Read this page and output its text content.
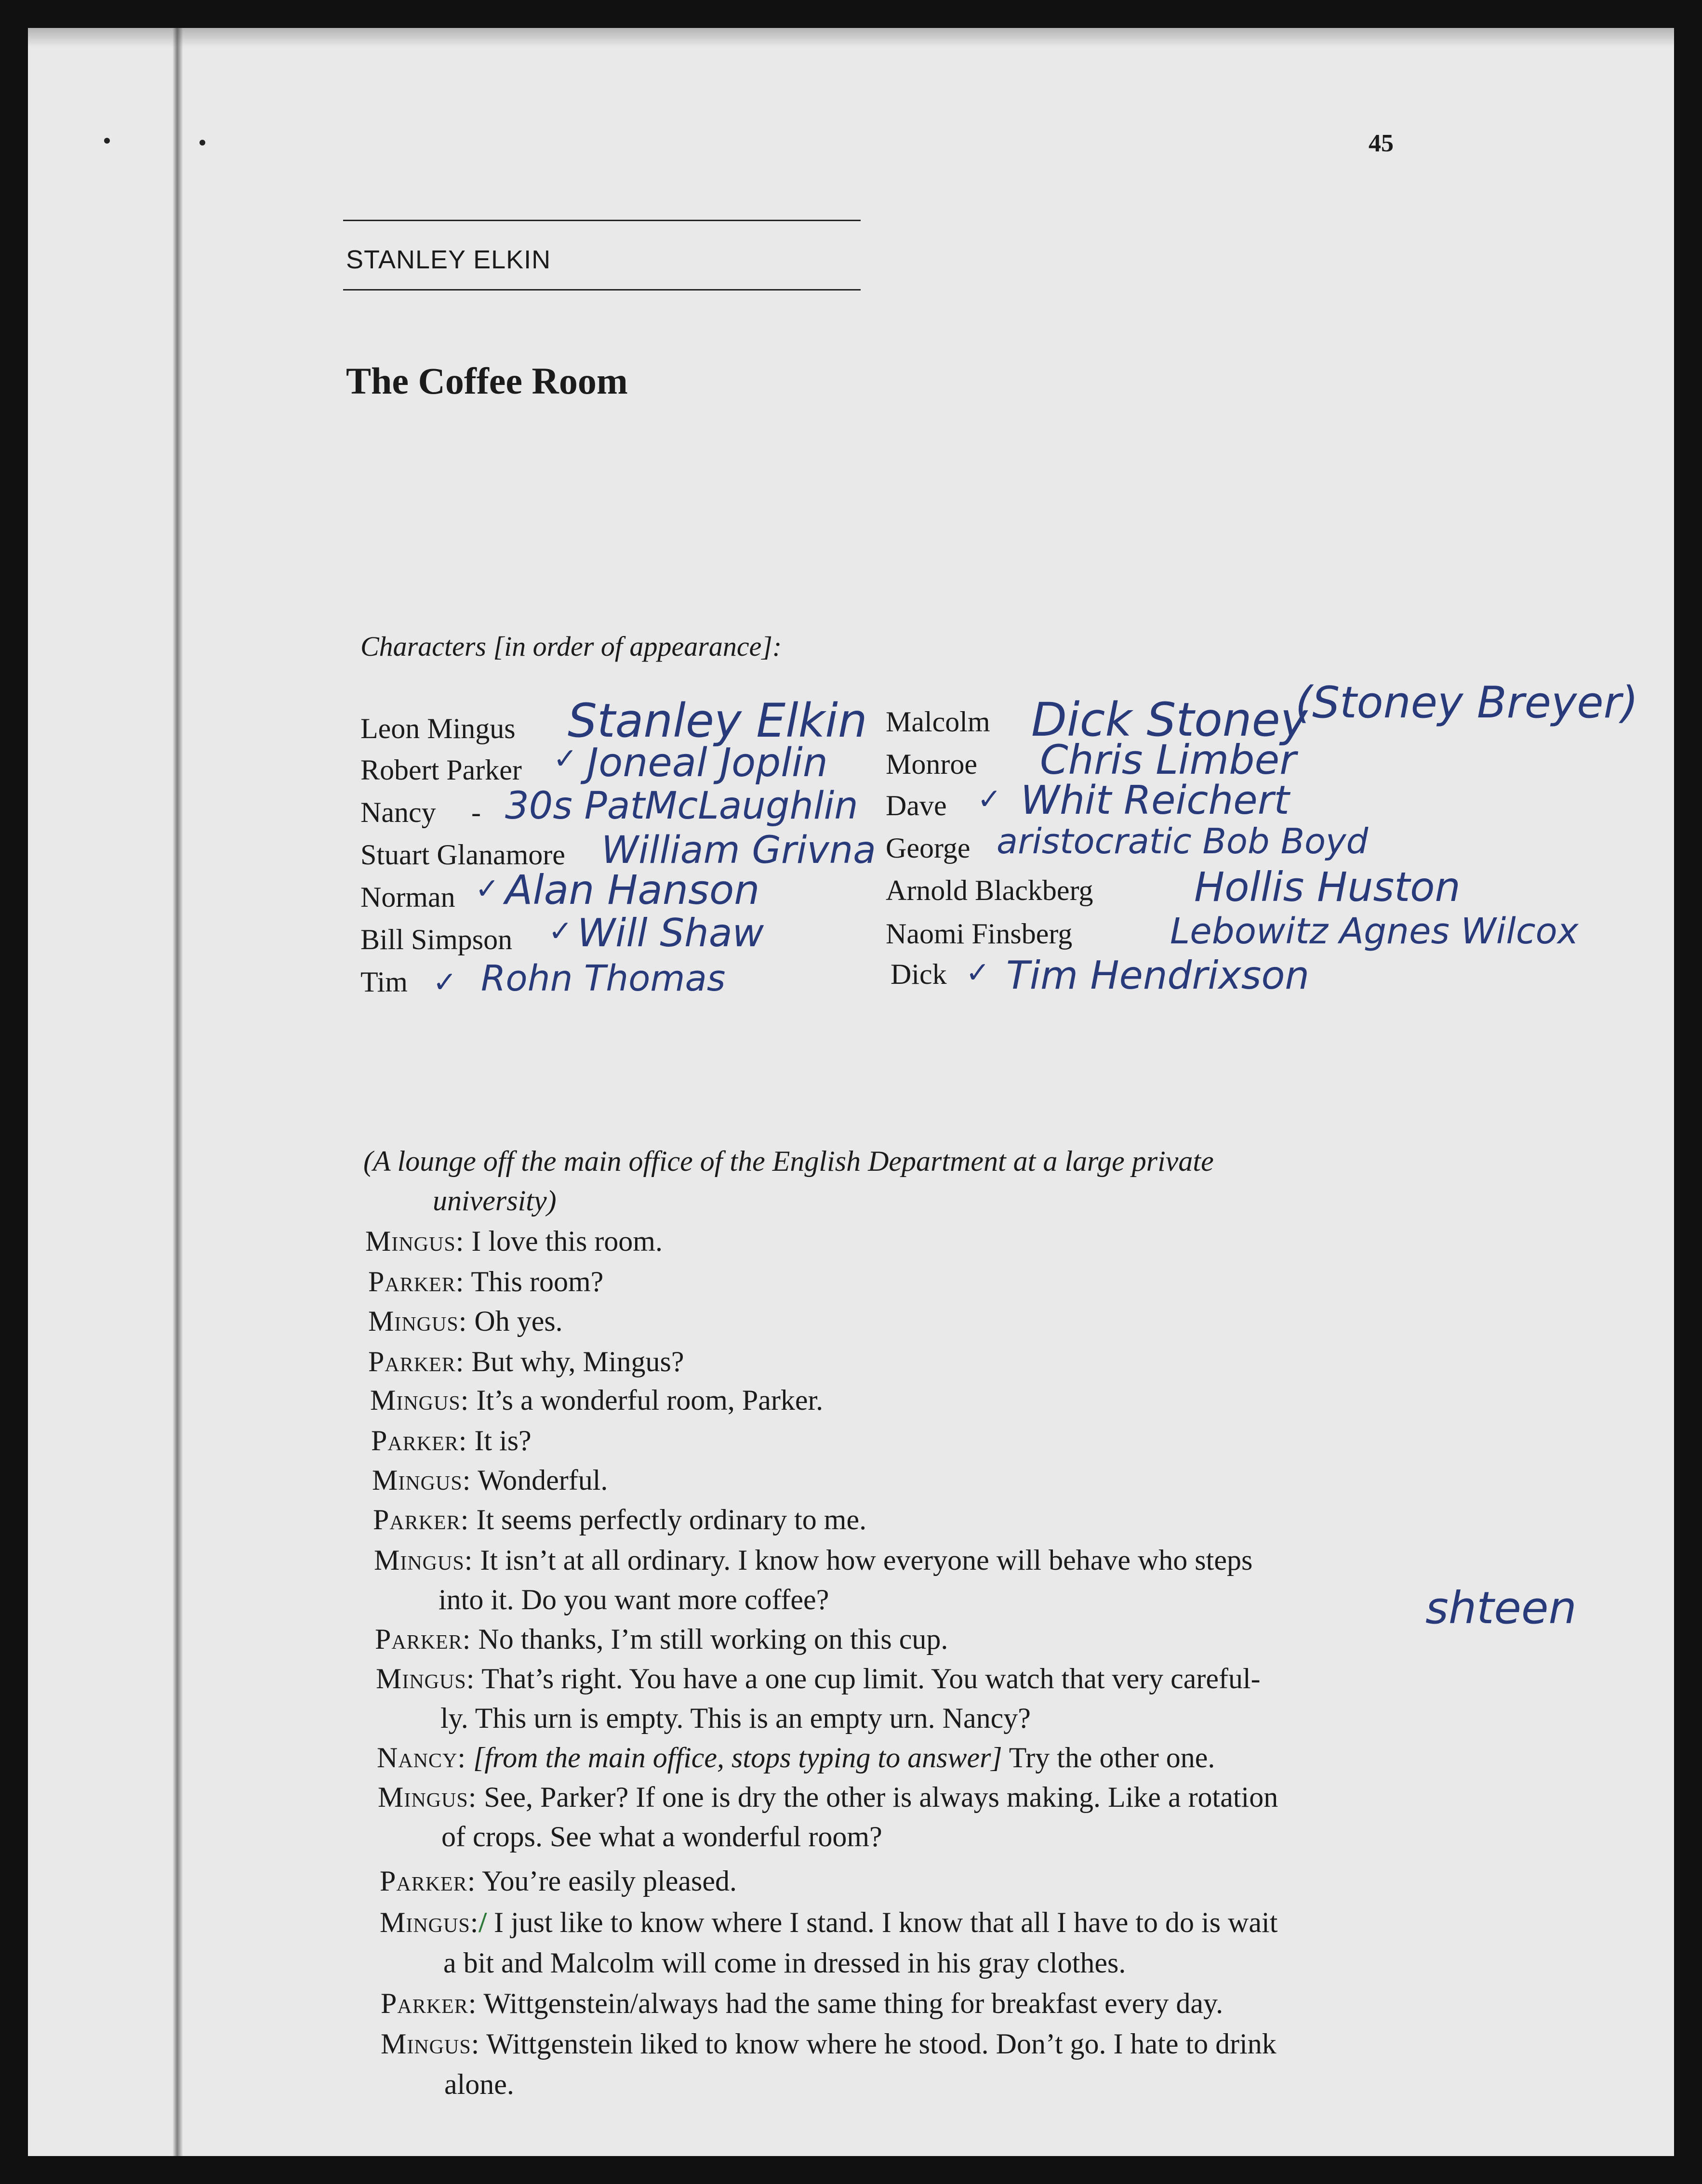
45
STANLEY ELKIN
The Coffee Room
Characters [in order of appearance]:
Leon Mingus Stanley Elkin
Robert Parker ✓ Joneal Joplin
Nancy - 30s PatMcLaughlin
Stuart Glanamore William Grivna
Norman ✓ Alan Hanson
Bill Simpson ✓ Will Shaw
Tim ✓ Rohn Thomas
Malcolm Dick Stoney
(Stoney Breyer)
Monroe Chris Limber
Dave ✓ Whit Reichert
George aristocratic Bob Boyd
Arnold Blackberg Hollis Huston
Naomi Finsberg	Lebowitz Agnes Wilcox
Dick ✓ Tim Hendrixson
shteen
(A lounge off the main office of the English Department at a large private
university)
Mingus: I love this room.
Parker: This room?
Mingus: Oh yes.
Parker: But why, Mingus?
Mingus: It’s a wonderful room, Parker.
Parker: It is?
Mingus: Wonderful.
Parker: It seems perfectly ordinary to me.
Mingus: It isn’t at all ordinary. I know how everyone will behave who steps
into it. Do you want more coffee?
Parker: No thanks, I’m still working on this cup.
Mingus: That’s right. You have a one cup limit. You watch that very careful-
ly. This urn is empty. This is an empty urn. Nancy?
Nancy: [from the main office, stops typing to answer] Try the other one.
Mingus: See, Parker? If one is dry the other is always making. Like a rotation
of crops. See what a wonderful room?
Parker: You’re easily pleased.
Mingus:/ I just like to know where I stand. I know that all I have to do is wait
a bit and Malcolm will come in dressed in his gray clothes.
Parker: Wittgenstein/always had the same thing for breakfast every day.
Mingus: Wittgenstein liked to know where he stood. Don’t go. I hate to drink
alone.
